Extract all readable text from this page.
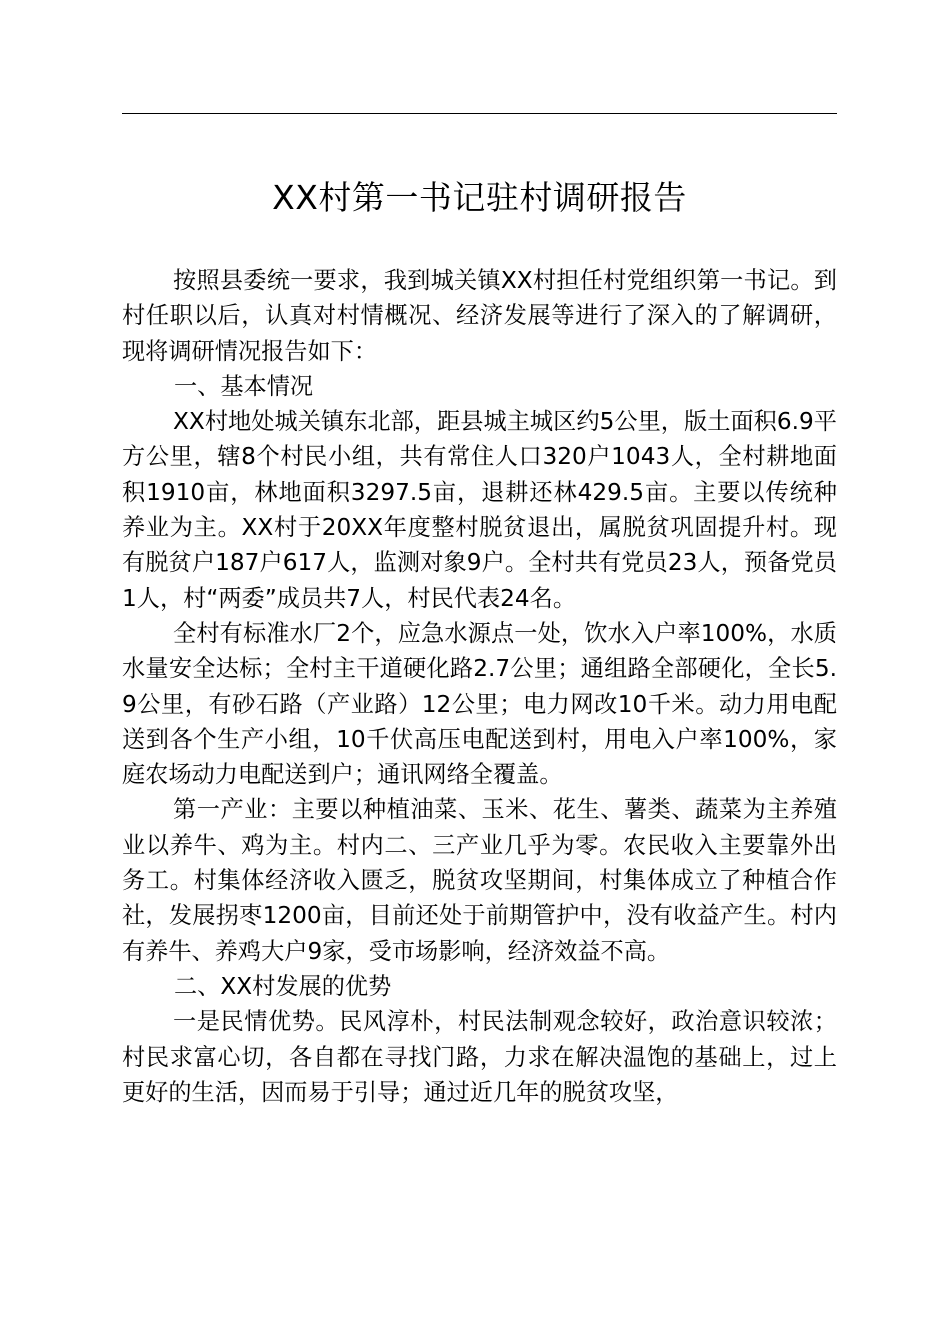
XX村第一书记驻村调研报告

按照县委统一要求，我到城关镇XX村担任村党组织第一书记。到村任职以后，认真对村情概况、经济发展等进行了深入的了解调研，现将调研情况报告如下：

一、基本情况

XX村地处城关镇东北部，距县城主城区约5公里，版土面积6.9平方公里，辖8个村民小组，共有常住人口320户1043人，全村耕地面积1910亩，林地面积3297.5亩，退耕还林429.5亩。主要以传统种养业为主。XX村于20XX年度整村脱贫退出，属脱贫巩固提升村。现有脱贫户187户617人，监测对象9户。全村共有党员23人，预备党员1人，村“两委”成员共7人，村民代表24名。

全村有标准水厂2个，应急水源点一处，饮水入户率100%，水质水量安全达标；全村主干道硬化路2.7公里；通组路全部硬化，全长5.9公里，有砂石路（产业路）12公里；电力网改10千米。动力用电配送到各个生产小组，10千伏高压电配送到村，用电入户率100%，家庭农场动力电配送到户；通讯网络全覆盖。

第一产业：主要以种植油菜、玉米、花生、薯类、蔬菜为主养殖业以养牛、鸡为主。村内二、三产业几乎为零。农民收入主要靠外出务工。村集体经济收入匮乏，脱贫攻坚期间，村集体成立了种植合作社，发展拐枣1200亩，目前还处于前期管护中，没有收益产生。村内有养牛、养鸡大户9家，受市场影响，经济效益不高。

二、XX村发展的优势

一是民情优势。民风淳朴，村民法制观念较好，政治意识较浓；村民求富心切，各自都在寻找门路，力求在解决温饱的基础上，过上更好的生活，因而易于引导；通过近几年的脱贫攻坚，
